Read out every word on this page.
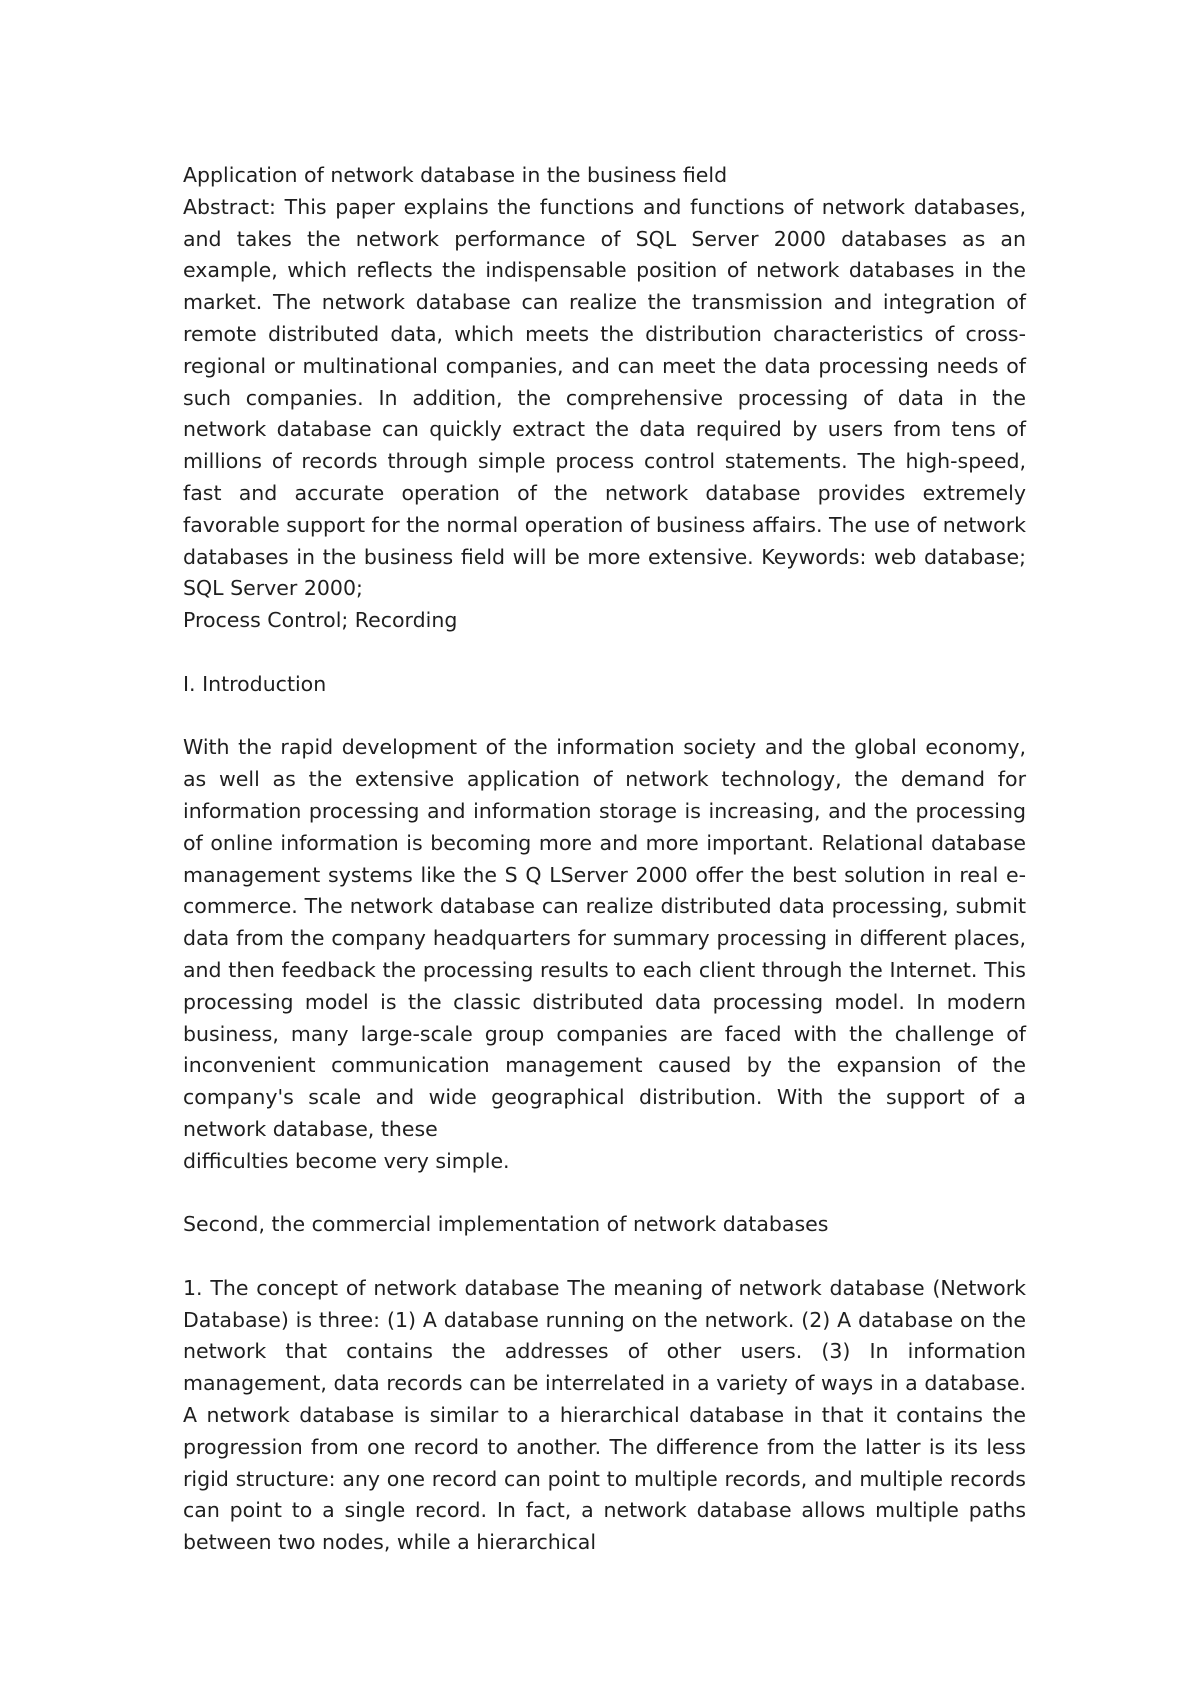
Application of network database in the business field

Abstract: This paper explains the functions and functions of network databases, and takes the network performance of SQL Server 2000 databases as an example, which reflects the indispensable position of network databases in the market. The network database can realize the transmission and integration of remote distributed data, which meets the distribution characteristics of cross-regional or multinational companies, and can meet the data processing needs of such companies. In addition, the comprehensive processing of data in the network database can quickly extract the data required by users from tens of millions of records through simple process control statements. The high-speed, fast and accurate operation of the network database provides extremely favorable support for the normal operation of business affairs. The use of network databases in the business field will be more extensive. Keywords: web database; SQL Server 2000;

Process Control; Recording

I. Introduction

With the rapid development of the information society and the global economy, as well as the extensive application of network technology, the demand for information processing and information storage is increasing, and the processing of online information is becoming more and more important. Relational database management systems like the S Q LServer 2000 offer the best solution in real e-commerce. The network database can realize distributed data processing, submit data from the company headquarters for summary processing in different places, and then feedback the processing results to each client through the Internet. This processing model is the classic distributed data processing model. In modern business, many large-scale group companies are faced with the challenge of inconvenient communication management caused by the expansion of the company's scale and wide geographical distribution. With the support of a network database, these

difficulties become very simple.

Second, the commercial implementation of network databases

1. The concept of network database The meaning of network database (Network Database) is three: (1) A database running on the network. (2) A database on the network that contains the addresses of other users. (3) In information management, data records can be interrelated in a variety of ways in a database. A network database is similar to a hierarchical database in that it contains the progression from one record to another. The difference from the latter is its less rigid structure: any one record can point to multiple records, and multiple records can point to a single record. In fact, a network database allows multiple paths between two nodes, while a hierarchical
